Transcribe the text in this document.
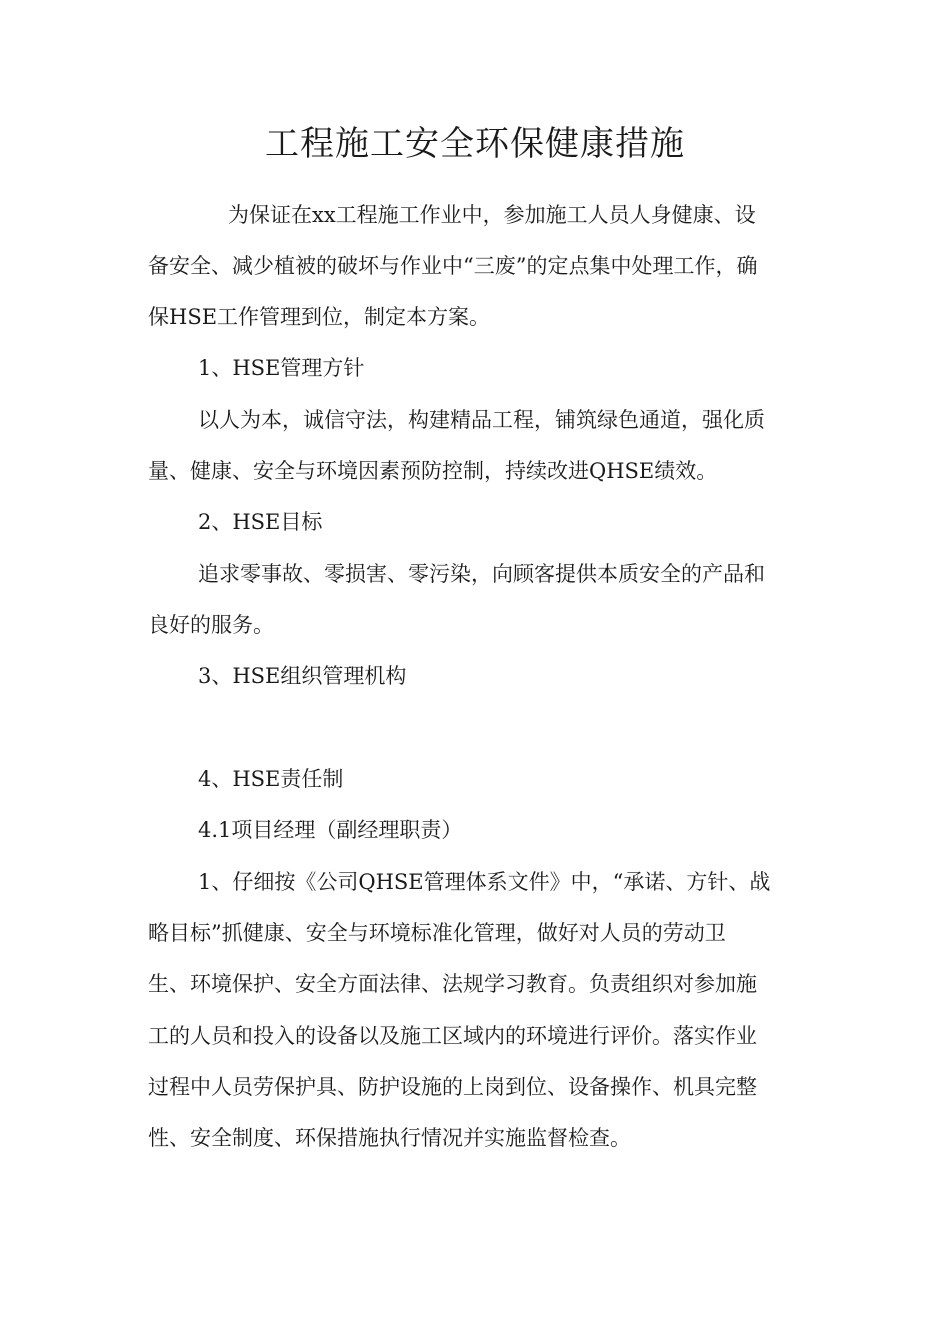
工程施工安全环保健康措施
为保证在xx工程施工作业中，参加施工人员人身健康、设
备安全、减少植被的破坏与作业中“三废”的定点集中处理工作，确
保HSE工作管理到位，制定本方案。
1、HSE管理方针
以人为本，诚信守法，构建精品工程，铺筑绿色通道，强化质
量、健康、安全与环境因素预防控制，持续改进QHSE绩效。
2、HSE目标
追求零事故、零损害、零污染，向顾客提供本质安全的产品和
良好的服务。
3、HSE组织管理机构
4、HSE责任制
4.1项目经理（副经理职责）
1、仔细按《公司QHSE管理体系文件》中，“承诺、方针、战
略目标”抓健康、安全与环境标准化管理，做好对人员的劳动卫
生、环境保护、安全方面法律、法规学习教育。负责组织对参加施
工的人员和投入的设备以及施工区域内的环境进行评价。落实作业
过程中人员劳保护具、防护设施的上岗到位、设备操作、机具完整
性、安全制度、环保措施执行情况并实施监督检查。
